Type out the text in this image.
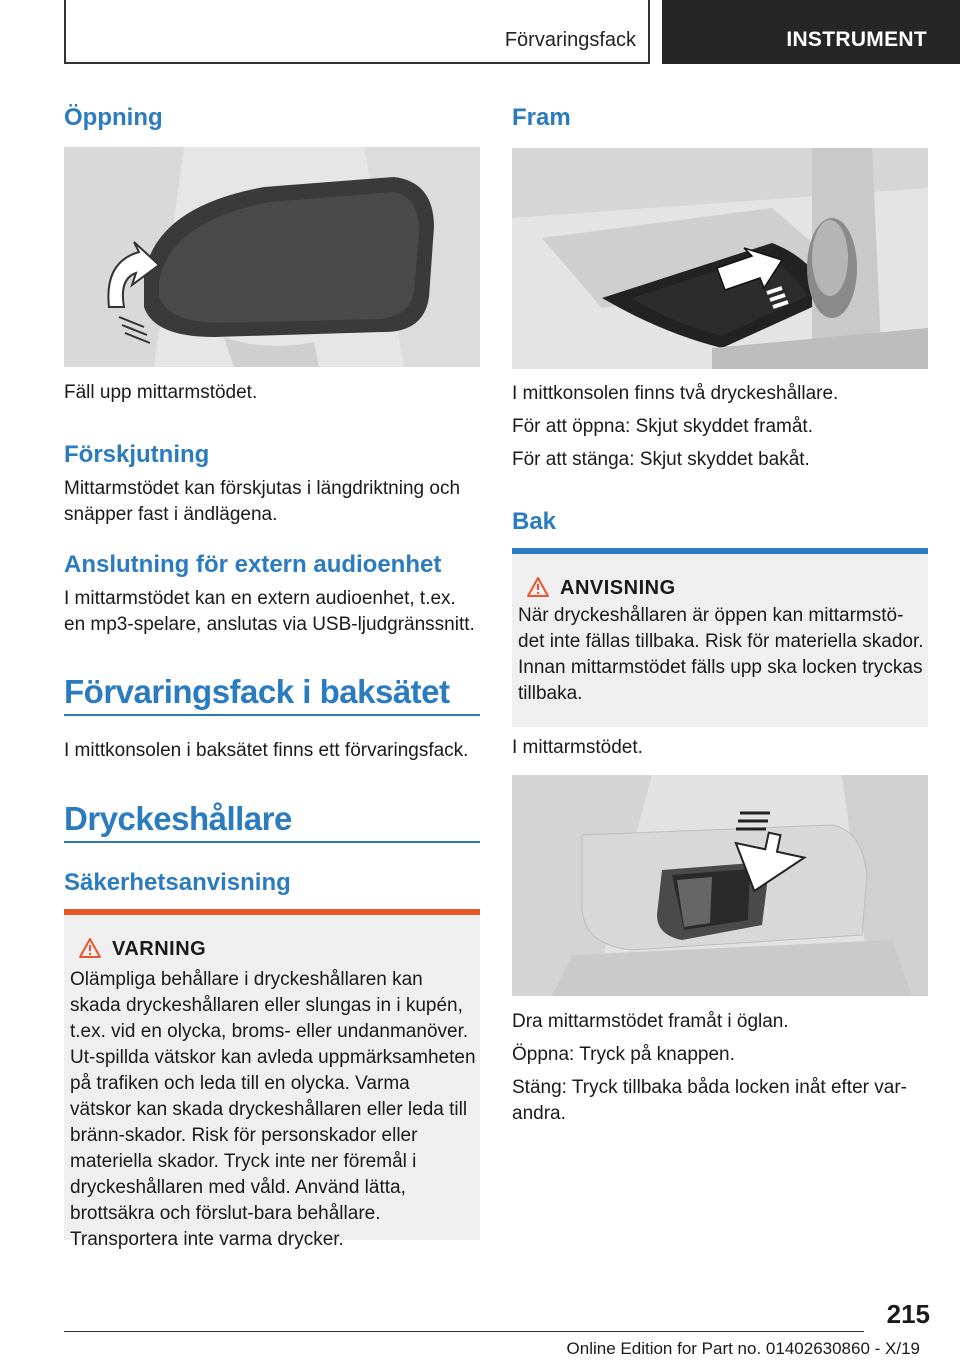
Förvaringsfack	INSTRUMENT
Öppning

Fäll upp mittarmstödet.

Förskjutning

Mittarmstödet kan förskjutas i längdriktning och snäpper fast i ändlägena.

Anslutning för extern audioenhet

I mittarmstödet kan en extern audioenhet, t.ex. en mp3-spelare, anslutas via USB-ljudgränssnitt.

Förvaringsfack i baksätet

I mittkonsolen i baksätet finns ett förvaringsfack.

Dryckeshållare
Säkerhetsanvisning
VARNING
Olämpliga behållare i dryckeshållaren kan skada dryckeshållaren eller slungas in i kupén, t.ex. vid en olycka, broms- eller undanmanöver. Ut-spillda vätskor kan avleda uppmärksamheten på trafiken och leda till en olycka. Varma vätskor kan skada dryckeshållaren eller leda till bränn-skador. Risk för personskador eller materiella skador. Tryck inte ner föremål i dryckeshållaren med våld. Använd lätta, brottsäkra och förslut-bara behållare. Transportera inte varma drycker.
Fram

I mittkonsolen finns två dryckeshållare.

För att öppna: Skjut skyddet framåt.

För att stänga: Skjut skyddet bakåt.

Bak
ANVISNING
När dryckeshållaren är öppen kan mittarmstö-det inte fällas tillbaka. Risk för materiella skador. Innan mittarmstödet fälls upp ska locken tryckas tillbaka.

I mittarmstödet.

Dra mittarmstödet framåt i öglan.

Öppna: Tryck på knappen.

Stäng: Tryck tillbaka båda locken inåt efter var-andra.

215
Online Edition for Part no. 01402630860 - X/19
